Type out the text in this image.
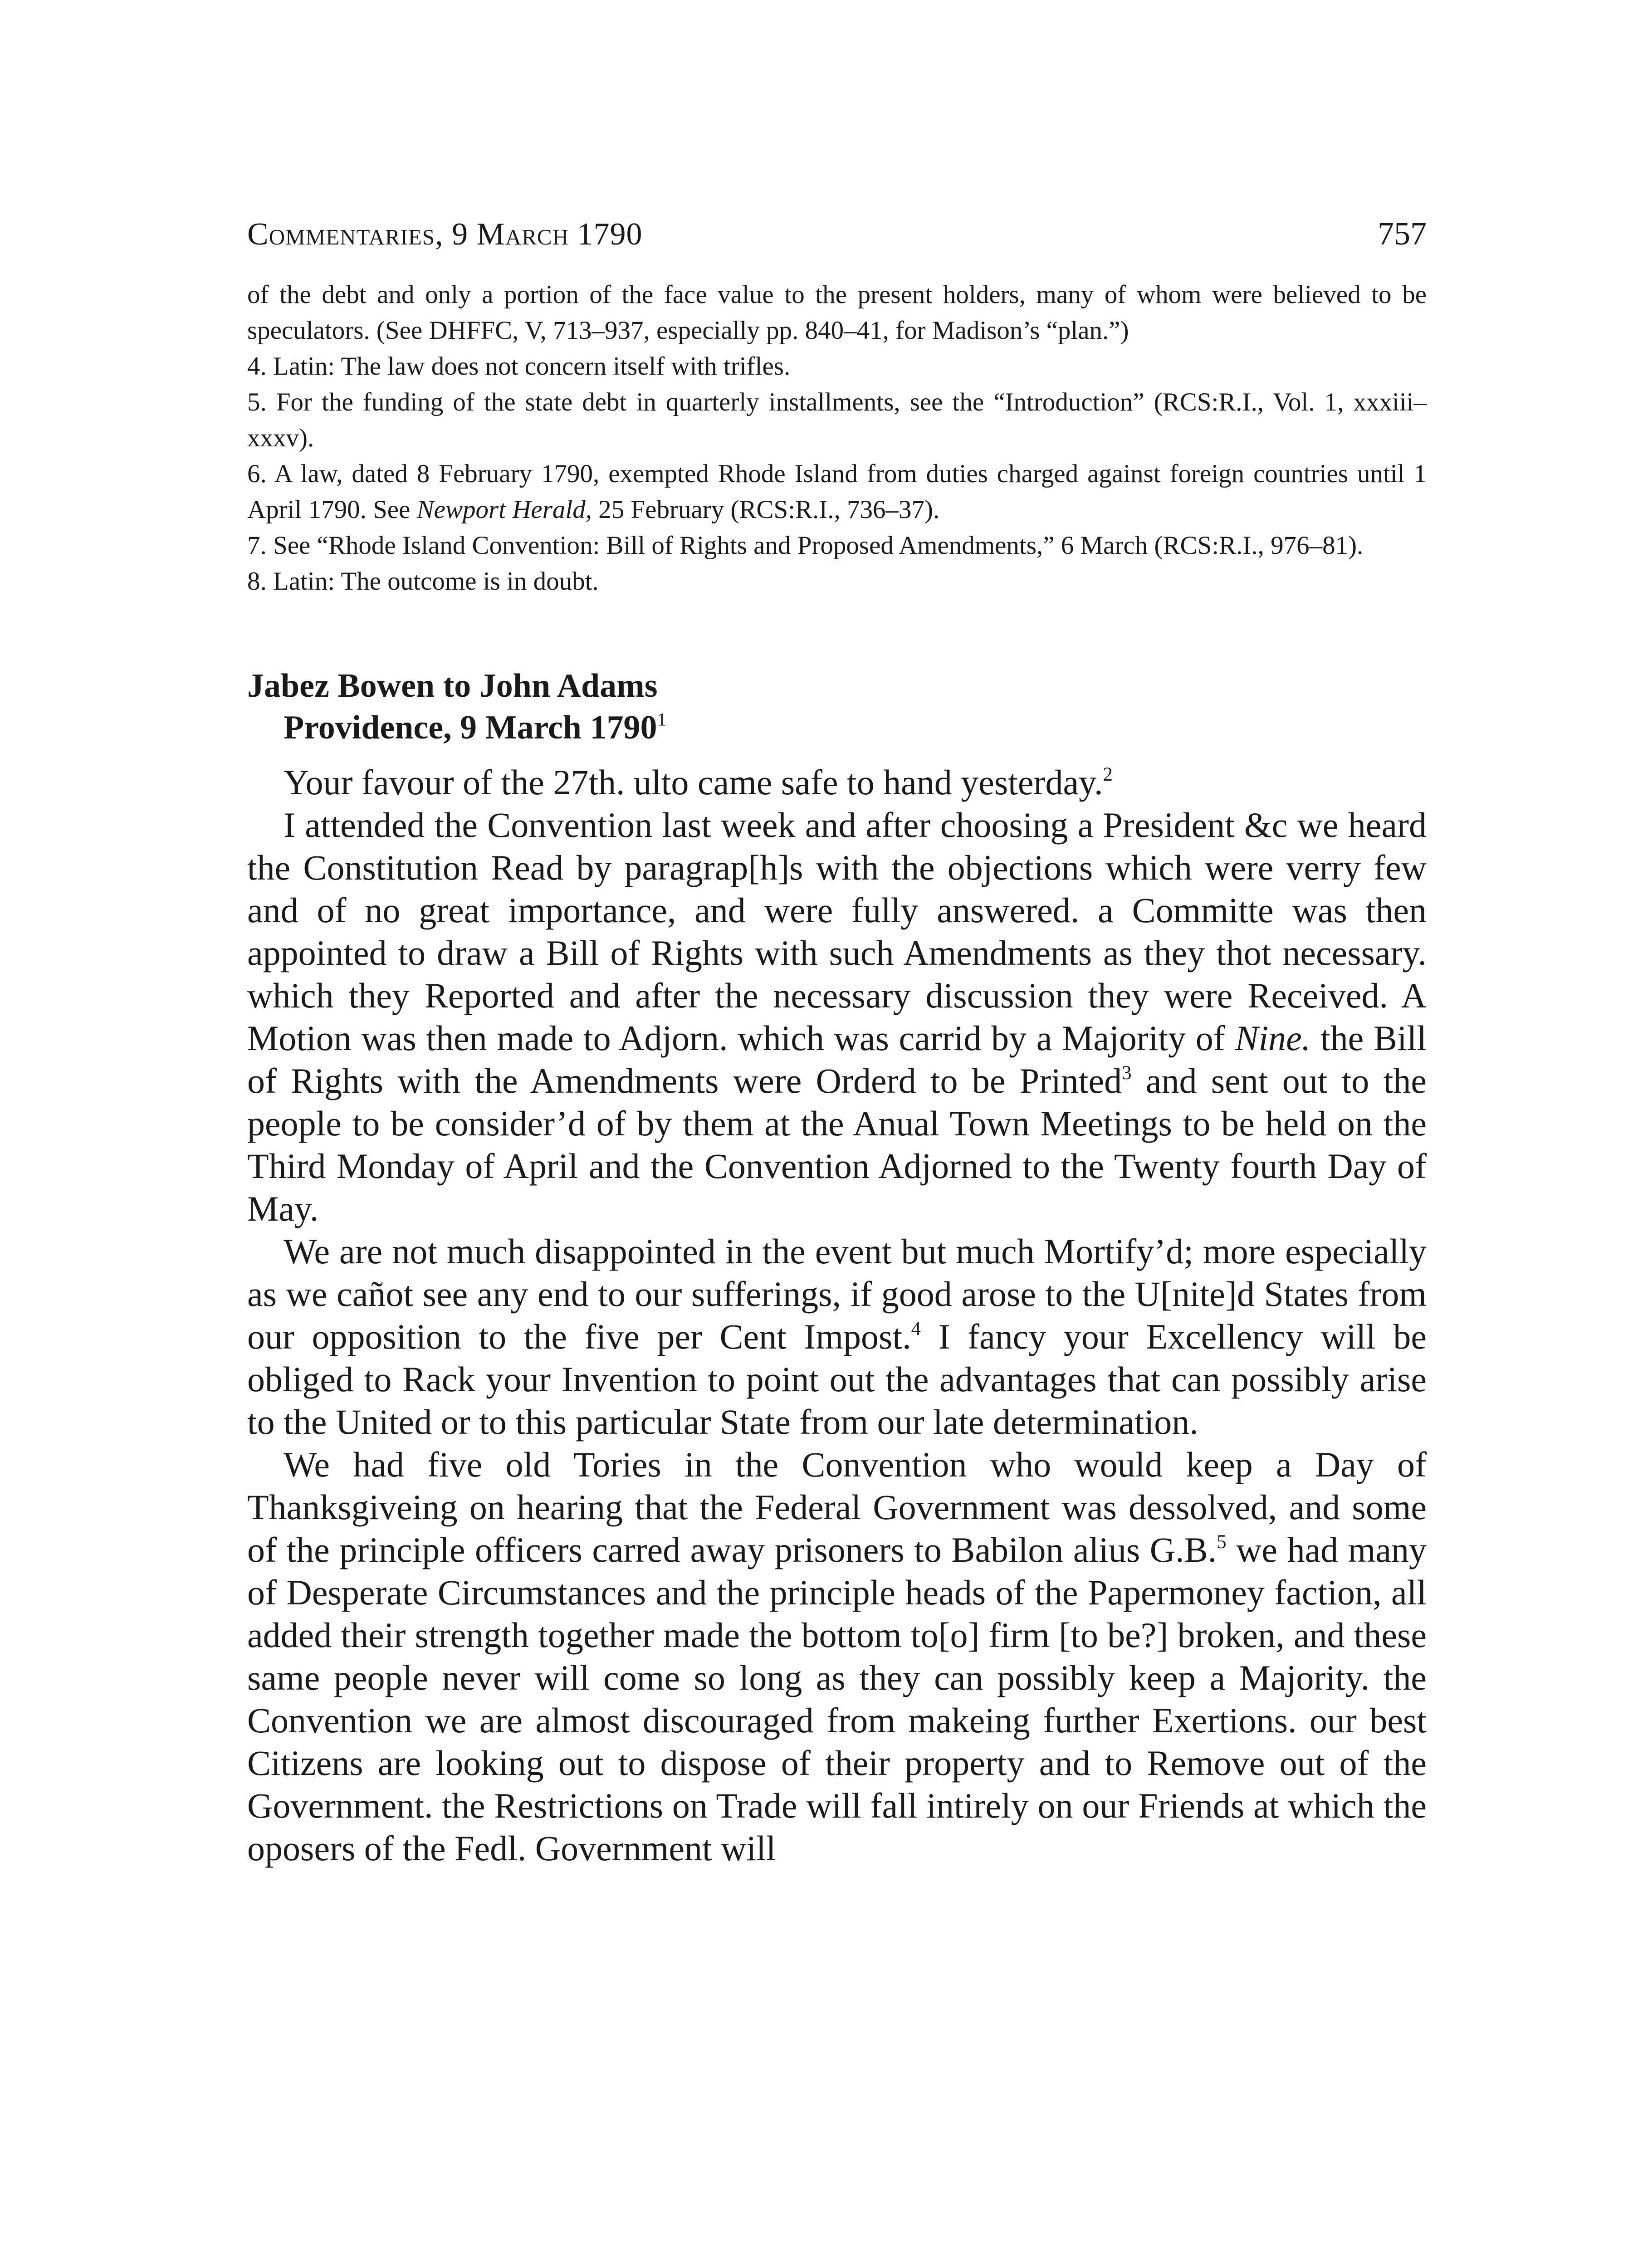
Commentaries, 9 March 1790	757

of the debt and only a portion of the face value to the present holders, many of whom were believed to be speculators. (See DHFFC, V, 713–937, especially pp. 840–41, for Madison’s “plan.”)

4. Latin: The law does not concern itself with trifles.

5. For the funding of the state debt in quarterly installments, see the “Introduction” (RCS:R.I., Vol. 1, xxxiii–xxxv).

6. A law, dated 8 February 1790, exempted Rhode Island from duties charged against foreign countries until 1 April 1790. See Newport Herald, 25 February (RCS:R.I., 736–37).

7. See “Rhode Island Convention: Bill of Rights and Proposed Amendments,” 6 March (RCS:R.I., 976–81).

8. Latin: The outcome is in doubt.

Jabez Bowen to John Adams
Providence, 9 March 1790$^1$

Your favour of the 27th. ulto came safe to hand yesterday.$^2$

I attended the Convention last week and after choosing a President &c we heard the Constitution Read by paragrap[h]s with the objections which were verry few and of no great importance, and were fully answered. a Committe was then appointed to draw a Bill of Rights with such Amendments as they thot necessary. which they Reported and after the necessary discussion they were Received. A Motion was then made to Adjorn. which was carrid by a Majority of Nine. the Bill of Rights with the Amendments were Orderd to be Printed$^3$ and sent out to the people to be consider’d of by them at the Anual Town Meetings to be held on the Third Monday of April and the Convention Adjorned to the Twenty fourth Day of May.

We are not much disappointed in the event but much Mortify’d; more especially as we cañot see any end to our sufferings, if good arose to the U[nite]d States from our opposition to the five per Cent Impost.$^4$ I fancy your Excellency will be obliged to Rack your Invention to point out the advantages that can possibly arise to the United or to this particular State from our late determination.

We had five old Tories in the Convention who would keep a Day of Thanksgiveing on hearing that the Federal Government was dessolved, and some of the principle officers carred away prisoners to Babilon alius G.B.$^5$ we had many of Desperate Circumstances and the principle heads of the Papermoney faction, all added their strength together made the bottom to[o] firm [to be?] broken, and these same people never will come so long as they can possibly keep a Majority. the Convention we are almost discouraged from makeing further Exertions. our best Citizens are looking out to dispose of their property and to Remove out of the Government. the Restrictions on Trade will fall intirely on our Friends at which the oposers of the Fedl. Government will
